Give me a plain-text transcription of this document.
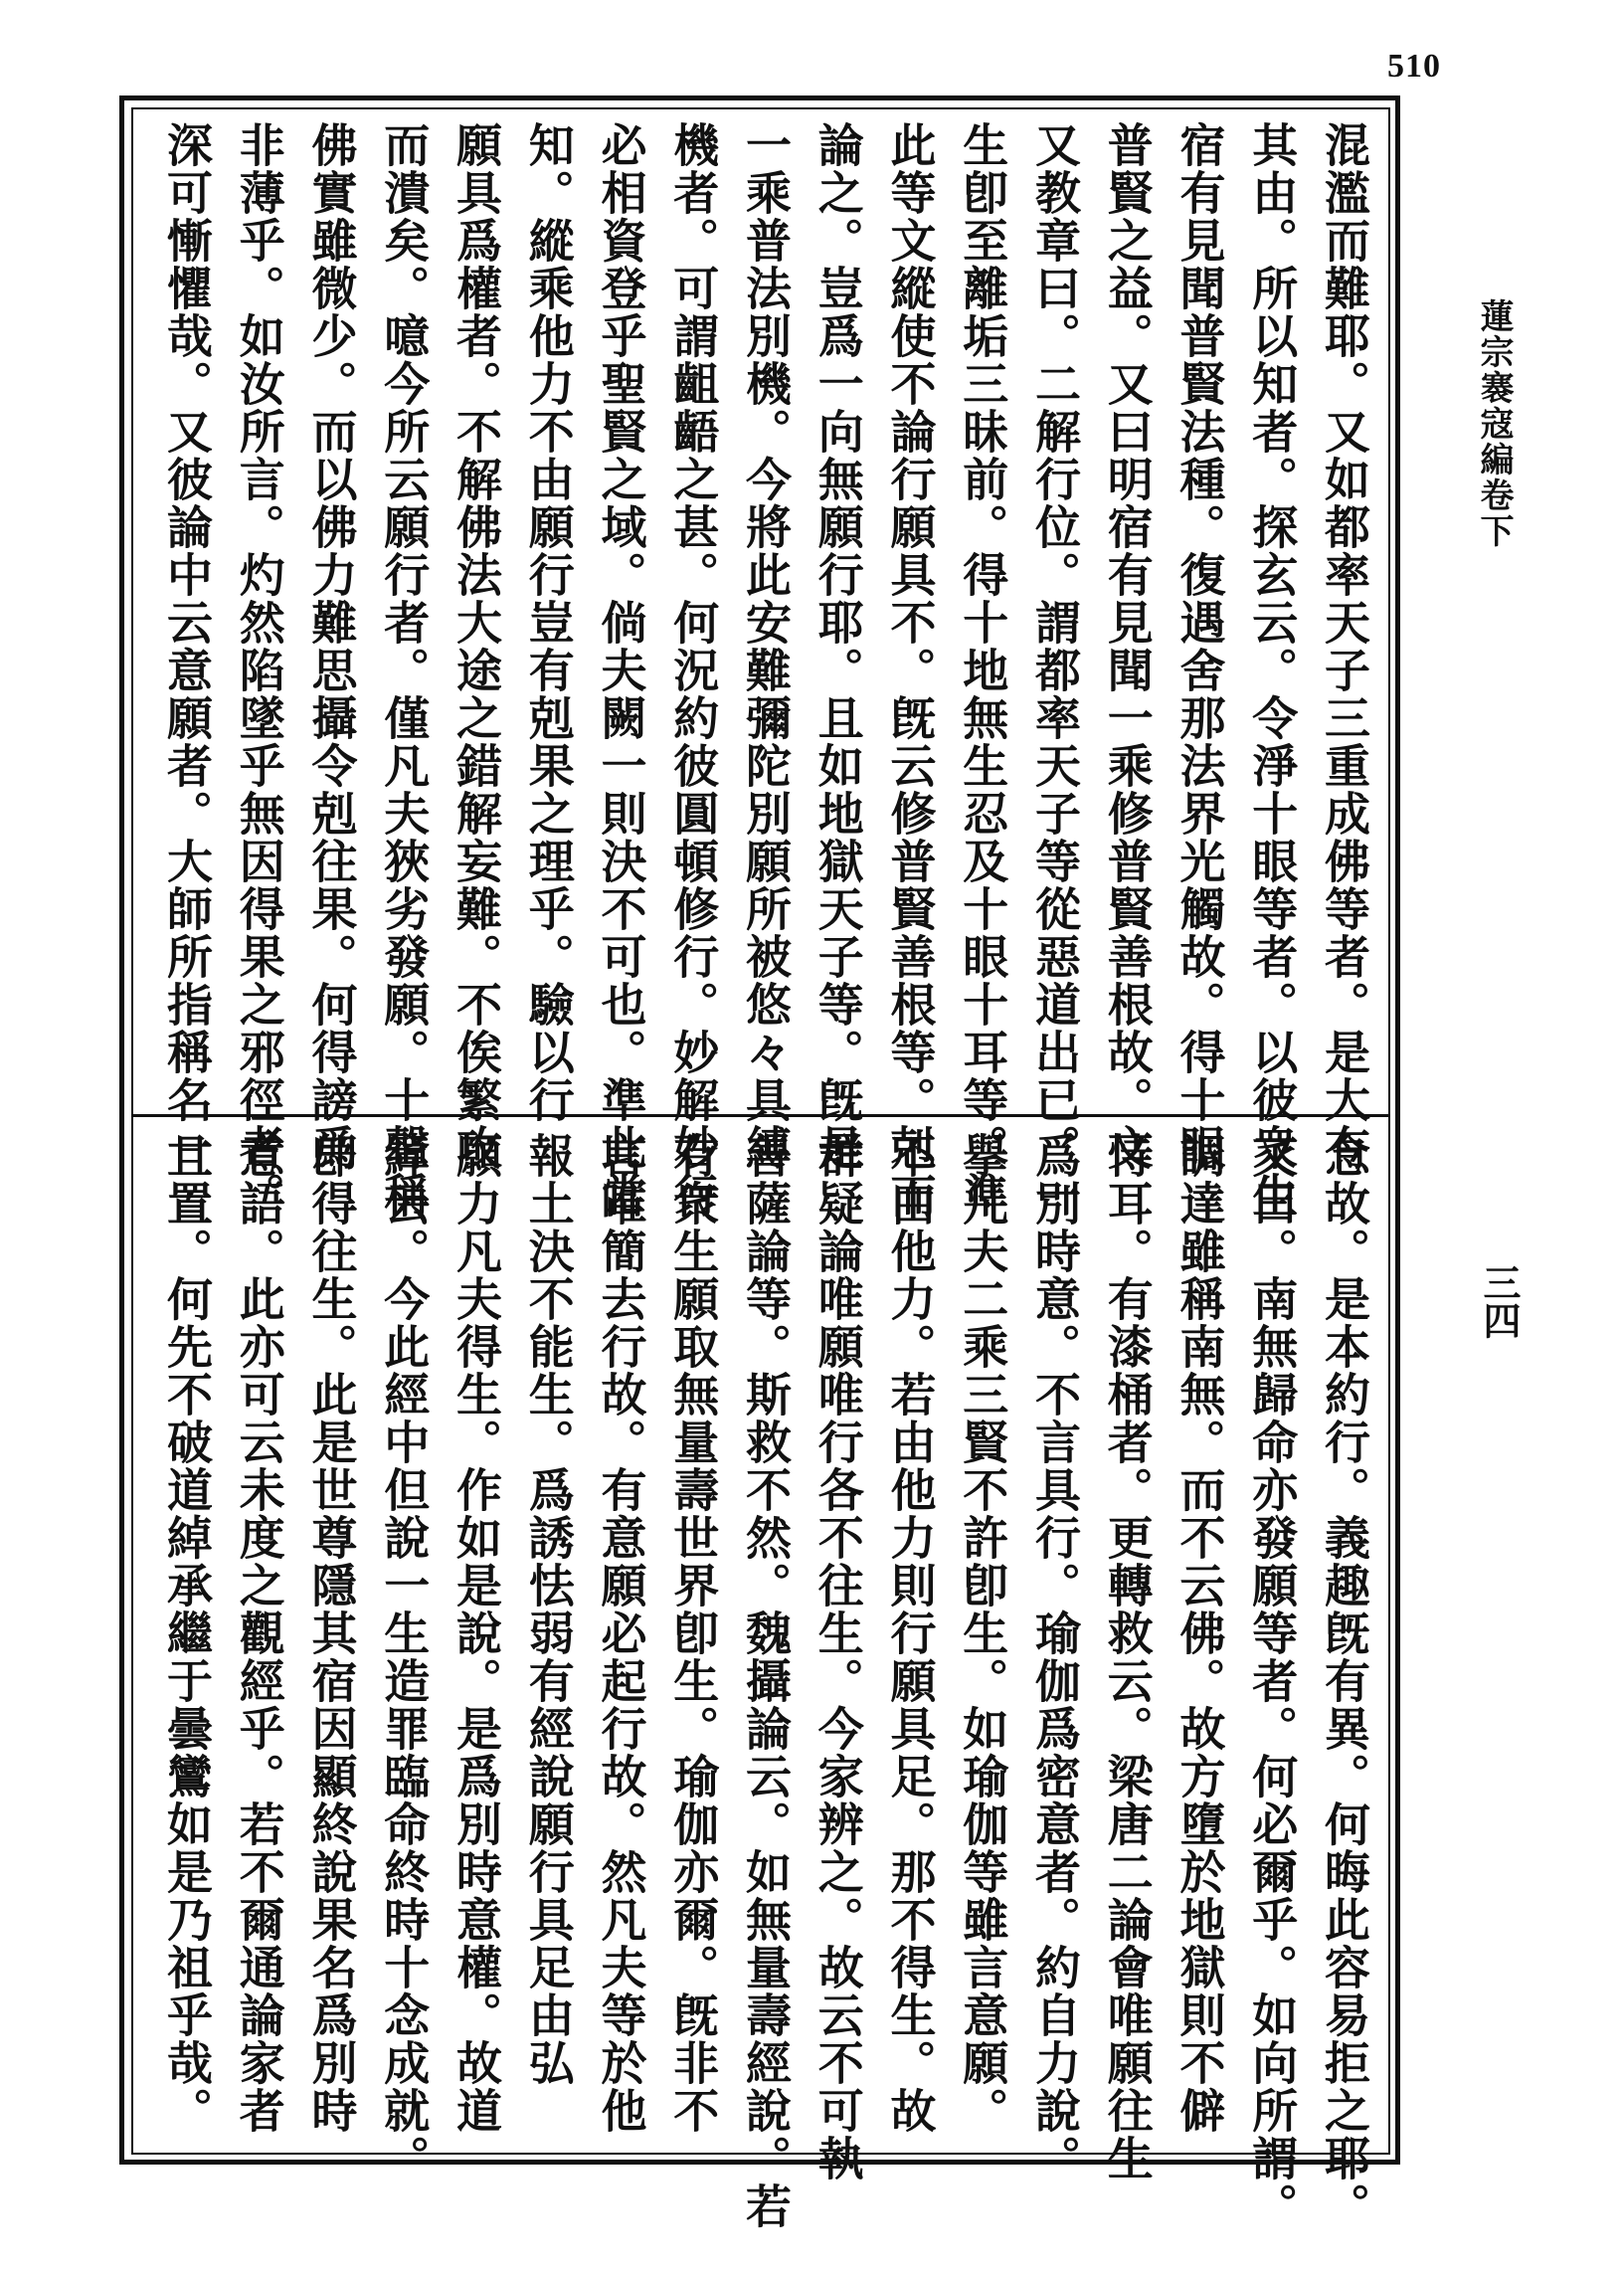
510
蓮宗褰寇編卷下
三四
混濫而難耶。又如都率天子三重成佛等者。是大有
其由。所以知者。探玄云。令淨十眼等者。以彼衆生
宿有見聞普賢法種。復遇舍那法界光觸故。得十眼
普賢之益。又曰明宿有見聞一乘修普賢善根故。文
又教章曰。二解行位。謂都率天子等從惡道出已。一
生卽至離垢三昧前。得十地無生忍及十眼十耳等。準
此等文縱使不論行願具不。旣云修普賢善根等。剋而
論之。豈爲一向無願行耶。且如地獄天子等。旣是
一乘普法別機。今將此安難彌陀別願所被悠々具縛
機者。可謂齟齬之甚。何況約彼圓頓修行。妙解妙行
必相資登乎聖賢之域。倘夫闕一則決不可也。準此當
知。縱乘他力不由願行豈有剋果之理乎。驗以行
願具爲權者。不解佛法大途之錯解妄難。不俟繁攻
而潰矣。噫今所云願行者。僅凡夫狹劣發願。十聲稱
佛實雖微少。而以佛力難思攝令剋往果。何得謗爲
非薄乎。如汝所言。灼然陷墜乎無因得果之邪徑者。
深可慚懼哉。又彼論中云意願者。大師所指稱名一
念故。是本約行。義趣旣有異。何晦此容易拒之耶。
又曰。南無歸命亦發願等者。何必爾乎。如向所謂。
調達雖稱南無。而不云佛。故方墮於地獄則不僻
恃耳。有漆桶者。更轉救云。梁唐二論會唯願往生
爲別時意。不言具行。瑜伽爲密意者。約自力說。
擧凡夫二乘三賢不許卽生。如瑜伽等雖言意願。
不由他力。若由他力則行願具足。那不得生。故
群疑論唯願唯行各不往生。今家辨之。故云不可執
善薩論等。斯救不然。魏攝論云。如無量壽經說。若
有衆生願取無量壽世界卽生。瑜伽亦爾。旣非不
言唯簡去行故。有意願必起行故。然凡夫等於他
報土決不能生。爲誘怯弱有經說願行具足由弘
願力凡夫得生。作如是說。是爲別時意權。故道
綽云。今此經中但說一生造罪臨命終時十念成就。
卽得往生。此是世尊隱其宿因顯終說果名爲別時
意語。此亦可云未度之觀經乎。若不爾通論家者
且置。何先不破道綽承繼于曇鸞如是乃祖乎哉。
